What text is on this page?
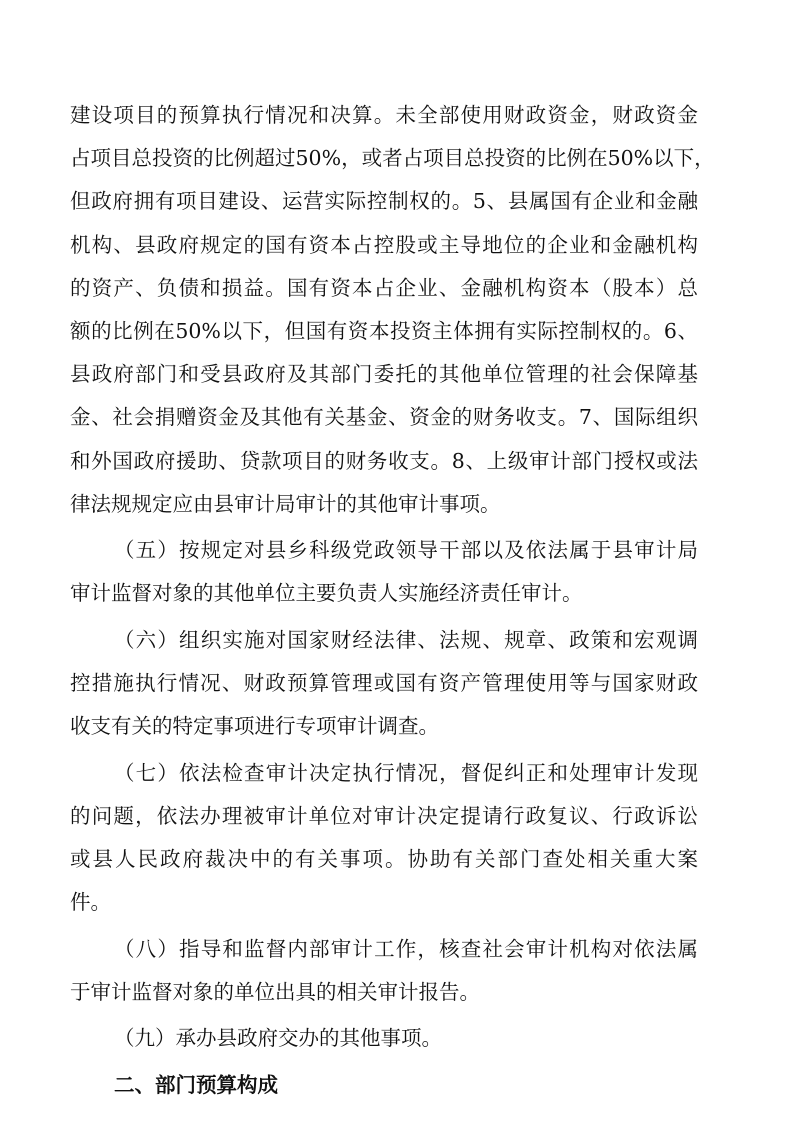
建设项目的预算执行情况和决算。未全部使用财政资金，财政资金

占项目总投资的比例超过50%，或者占项目总投资的比例在50%以下，

但政府拥有项目建设、运营实际控制权的。5、县属国有企业和金融

机构、县政府规定的国有资本占控股或主导地位的企业和金融机构

的资产、负债和损益。国有资本占企业、金融机构资本（股本）总

额的比例在50%以下，但国有资本投资主体拥有实际控制权的。6、

县政府部门和受县政府及其部门委托的其他单位管理的社会保障基

金、社会捐赠资金及其他有关基金、资金的财务收支。7、国际组织

和外国政府援助、贷款项目的财务收支。8、上级审计部门授权或法

律法规规定应由县审计局审计的其他审计事项。

（五）按规定对县乡科级党政领导干部以及依法属于县审计局

审计监督对象的其他单位主要负责人实施经济责任审计。

（六）组织实施对国家财经法律、法规、规章、政策和宏观调

控措施执行情况、财政预算管理或国有资产管理使用等与国家财政

收支有关的特定事项进行专项审计调查。

（七）依法检查审计决定执行情况，督促纠正和处理审计发现

的问题，依法办理被审计单位对审计决定提请行政复议、行政诉讼

或县人民政府裁决中的有关事项。协助有关部门查处相关重大案

件。

（八）指导和监督内部审计工作，核查社会审计机构对依法属

于审计监督对象的单位出具的相关审计报告。

（九）承办县政府交办的其他事项。

二、部门预算构成
